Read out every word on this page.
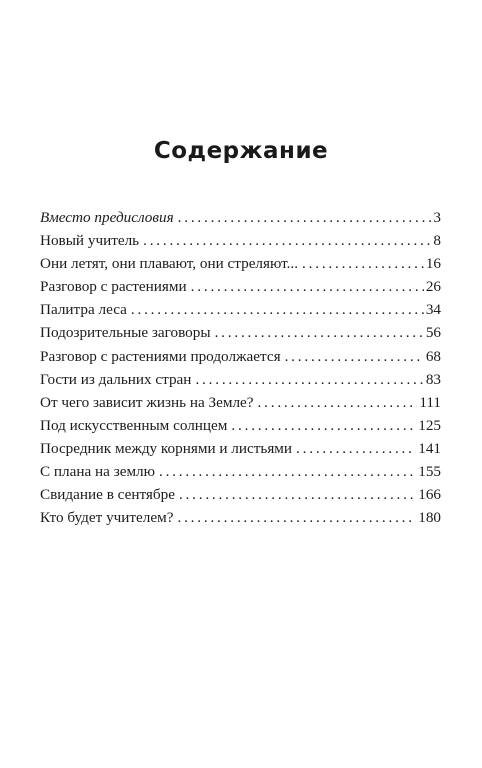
Содержание
Вместо предисловия . . .	3
Новый учитель . . .	8
Они летят, они плавают, они стреляют... . . .	16
Разговор с растениями . . .	26
Палитра леса . . .	34
Подозрительные заговоры . . .	56
Разговор с растениями продолжается . . .	68
Гости из дальних стран . . .	83
От чего зависит жизнь на Земле? . . .	111
Под искусственным солнцем . . .	125
Посредник между корнями и листьями . . .	141
С плана на землю . . .	155
Свидание в сентябре . . .	166
Кто будет учителем? . . .	180
